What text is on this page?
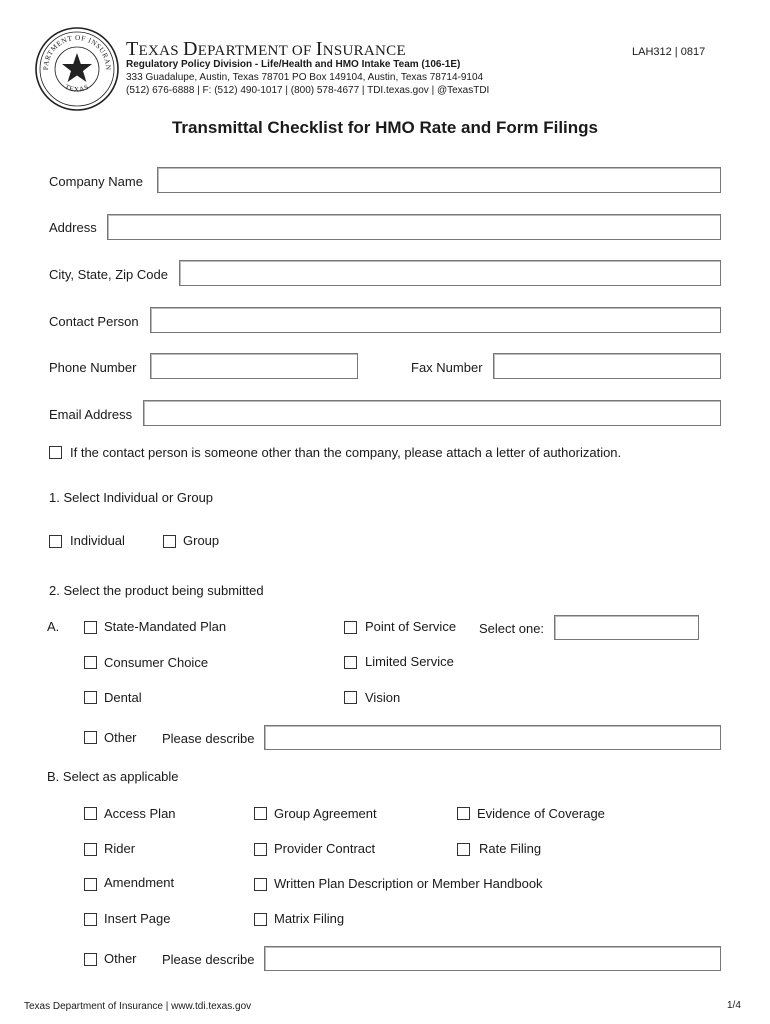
PARTMENT OF INSURAN
TEXAS
TEXAS DEPARTMENT OF INSURANCE
Regulatory Policy Division - Life/Health and HMO Intake Team (106-1E)
333 Guadalupe, Austin, Texas 78701 PO Box 149104, Austin, Texas 78714-9104
(512) 676-6888 | F: (512) 490-1017 | (800) 578-4677 | TDI.texas.gov | @TexasTDI
LAH312 | 0817
Transmittal Checklist for HMO Rate and Form Filings
Company Name
Address
City, State, Zip Code
Contact Person
Phone Number	Fax Number
Email Address
If the contact person is someone other than the company, please attach a letter of authorization.
1. Select Individual or Group
Individual	Group
2. Select the product being submitted
A.	State-Mandated Plan	Point of Service Select one:
Consumer Choice	Limited Service
Dental	Vision
Other Please describe
B. Select as applicable
Access Plan	Group Agreement	Evidence of Coverage
Rider	Provider Contract	Rate Filing
Amendment	Written Plan Description or Member Handbook
Insert Page	Matrix Filing
Other Please describe
Texas Department of Insurance | www.tdi.texas.gov	1/4
